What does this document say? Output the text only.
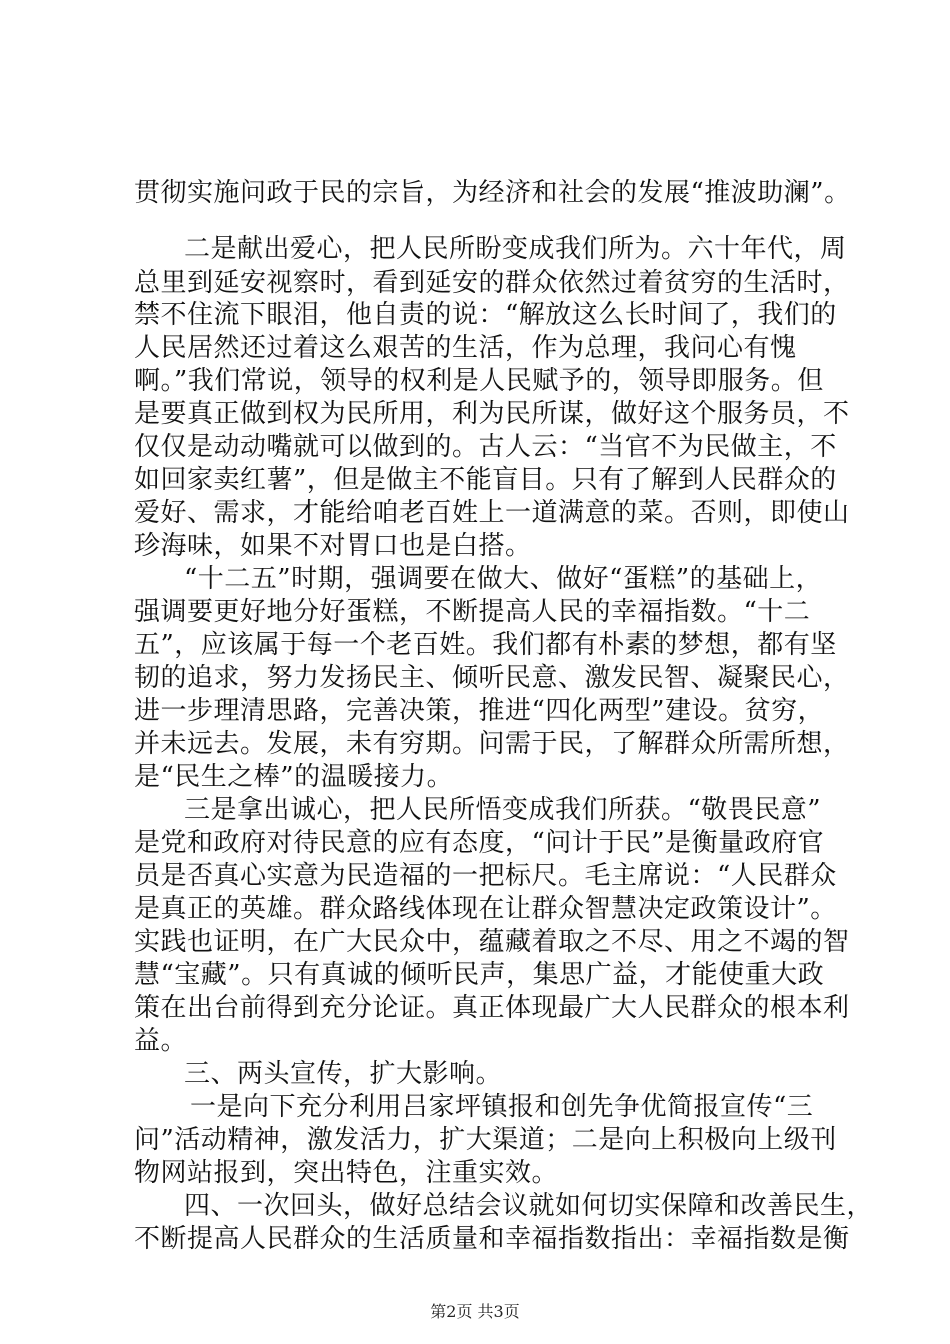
贯彻实施问政于民的宗旨，为经济和社会的发展“推波助澜”。
二是献出爱心，把人民所盼变成我们所为。六十年代，周
总里到延安视察时，看到延安的群众依然过着贫穷的生活时，
禁不住流下眼泪，他自责的说：“解放这么长时间了，我们的
人民居然还过着这么艰苦的生活，作为总理，我问心有愧
啊。”我们常说，领导的权利是人民赋予的，领导即服务。但
是要真正做到权为民所用，利为民所谋，做好这个服务员，不
仅仅是动动嘴就可以做到的。古人云：“当官不为民做主，不
如回家卖红薯”，但是做主不能盲目。只有了解到人民群众的
爱好、需求，才能给咱老百姓上一道满意的菜。否则，即使山
珍海味，如果不对胃口也是白搭。
“十二五”时期，强调要在做大、做好“蛋糕”的基础上，
强调要更好地分好蛋糕，不断提高人民的幸福指数。“十二
五”，应该属于每一个老百姓。我们都有朴素的梦想，都有坚
韧的追求，努力发扬民主、倾听民意、激发民智、凝聚民心，
进一步理清思路，完善决策，推进“四化两型”建设。贫穷，
并未远去。发展，未有穷期。问需于民，了解群众所需所想，
是“民生之棒”的温暖接力。
三是拿出诚心，把人民所悟变成我们所获。“敬畏民意”
是党和政府对待民意的应有态度，“问计于民”是衡量政府官
员是否真心实意为民造福的一把标尺。毛主席说：“人民群众
是真正的英雄。群众路线体现在让群众智慧决定政策设计”。
实践也证明，在广大民众中，蕴藏着取之不尽、用之不竭的智
慧“宝藏”。只有真诚的倾听民声，集思广益，才能使重大政
策在出台前得到充分论证。真正体现最广大人民群众的根本利
益。
三、两头宣传，扩大影响。
一是向下充分利用吕家坪镇报和创先争优简报宣传“三
问”活动精神，激发活力，扩大渠道；二是向上积极向上级刊
物网站报到，突出特色，注重实效。
四、一次回头，做好总结会议就如何切实保障和改善民生，
不断提高人民群众的生活质量和幸福指数指出：幸福指数是衡
第2页 共3页
